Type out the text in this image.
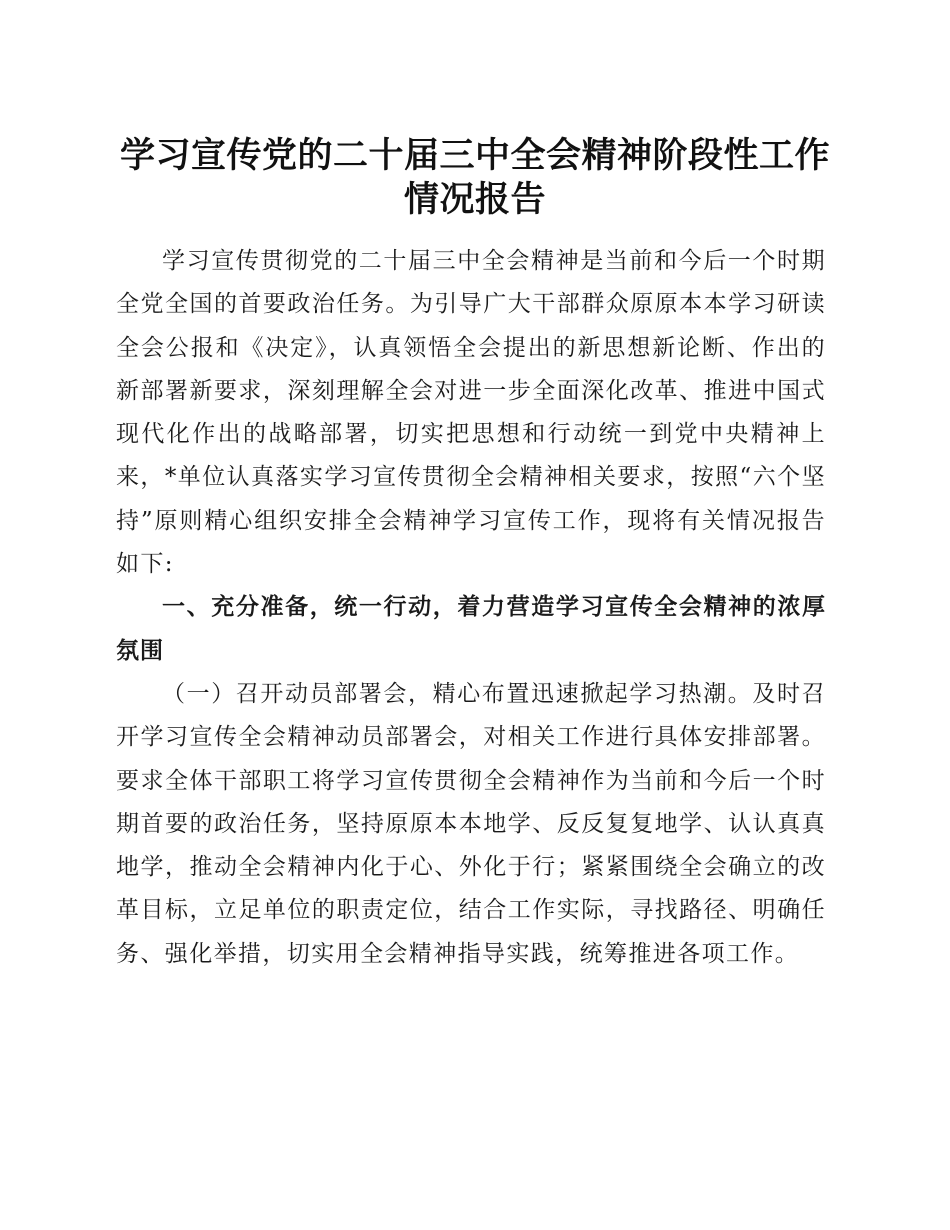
学习宣传党的二十届三中全会精神阶段性工作
情况报告

学习宣传贯彻党的二十届三中全会精神是当前和今后一个时期全党全国的首要政治任务。为引导广大干部群众原原本本学习研读全会公报和《决定》，认真领悟全会提出的新思想新论断、作出的新部署新要求，深刻理解全会对进一步全面深化改革、推进中国式现代化作出的战略部署，切实把思想和行动统一到党中央精神上来，*单位认真落实学习宣传贯彻全会精神相关要求，按照“六个坚持”原则精心组织安排全会精神学习宣传工作，现将有关情况报告如下:

一、充分准备，统一行动，着力营造学习宣传全会精神的浓厚氛围

（一）召开动员部署会，精心布置迅速掀起学习热潮。及时召开学习宣传全会精神动员部署会，对相关工作进行具体安排部署。要求全体干部职工将学习宣传贯彻全会精神作为当前和今后一个时期首要的政治任务，坚持原原本本地学、反反复复地学、认认真真地学，推动全会精神内化于心、外化于行；紧紧围绕全会确立的改革目标，立足单位的职责定位，结合工作实际，寻找路径、明确任务、强化举措，切实用全会精神指导实践，统筹推进各项工作。
